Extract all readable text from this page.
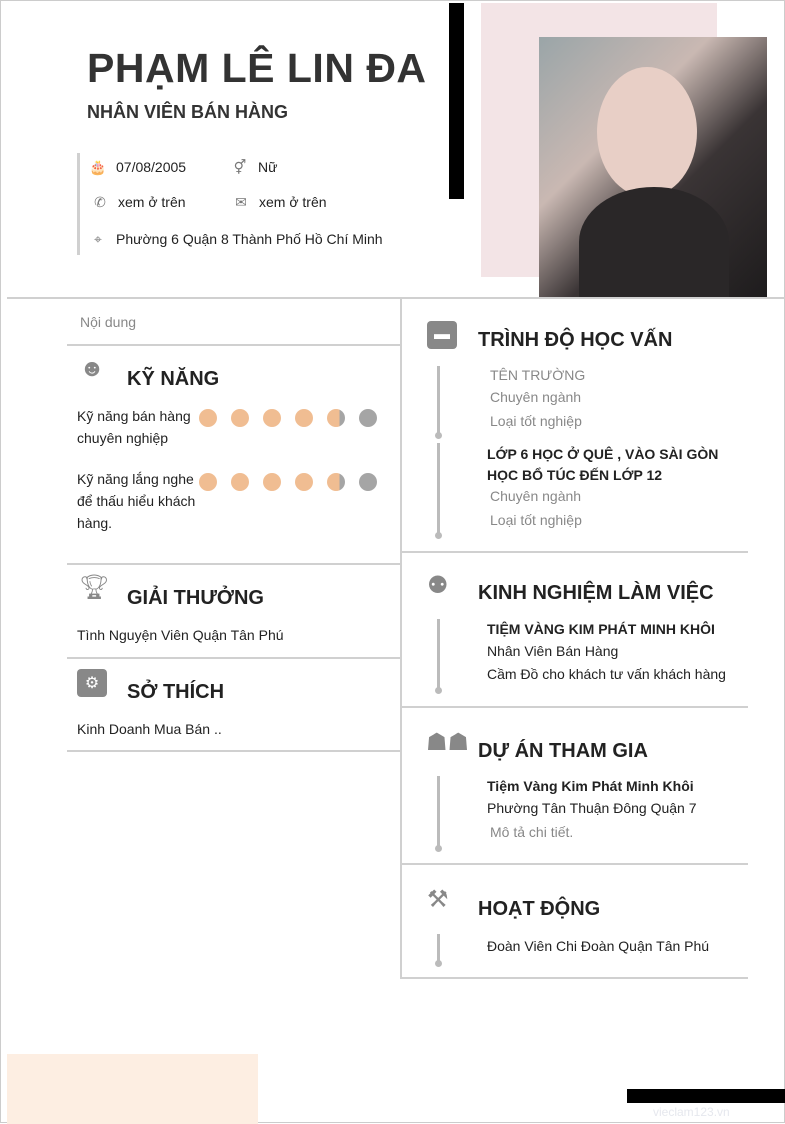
PHẠM LÊ LIN ĐA
NHÂN VIÊN BÁN HÀNG
🎂 07/08/2005	⚥ Nữ
✆ xem ở trên	✉ xem ở trên
⌖ Phường 6 Quận 8 Thành Phố Hồ Chí Minh
Nội dung
☻ KỸ NĂNG
Kỹ năng bán hàng chuyên nghiệp
Kỹ năng lắng nghe để thấu hiểu khách hàng.
🏆︎ GIẢI THƯỞNG
Tình Nguyện Viên Quận Tân Phú
⚙	SỞ THÍCH
Kinh Doanh Mua Bán ..
▬	TRÌNH ĐỘ HỌC VẤN
TÊN TRƯỜNG
Chuyên ngành
Loại tốt nghiệp
LỚP 6 HỌC Ở QUÊ , VÀO SÀI GÒN HỌC BỔ TÚC ĐẾN LỚP 12
Chuyên ngành
Loại tốt nghiệp
⚉ KINH NGHIỆM LÀM VIỆC
TIỆM VÀNG KIM PHÁT MINH KHÔI
Nhân Viên Bán Hàng
Cầm Đồ cho khách tư vấn khách hàng
☗☗ DỰ ÁN THAM GIA
Tiệm Vàng Kim Phát Minh Khôi
Phường Tân Thuận Đông Quận 7
Mô tả chi tiết.
⚒ HOẠT ĐỘNG
Đoàn Viên Chi Đoàn Quận Tân Phú
vieclam123.vn
